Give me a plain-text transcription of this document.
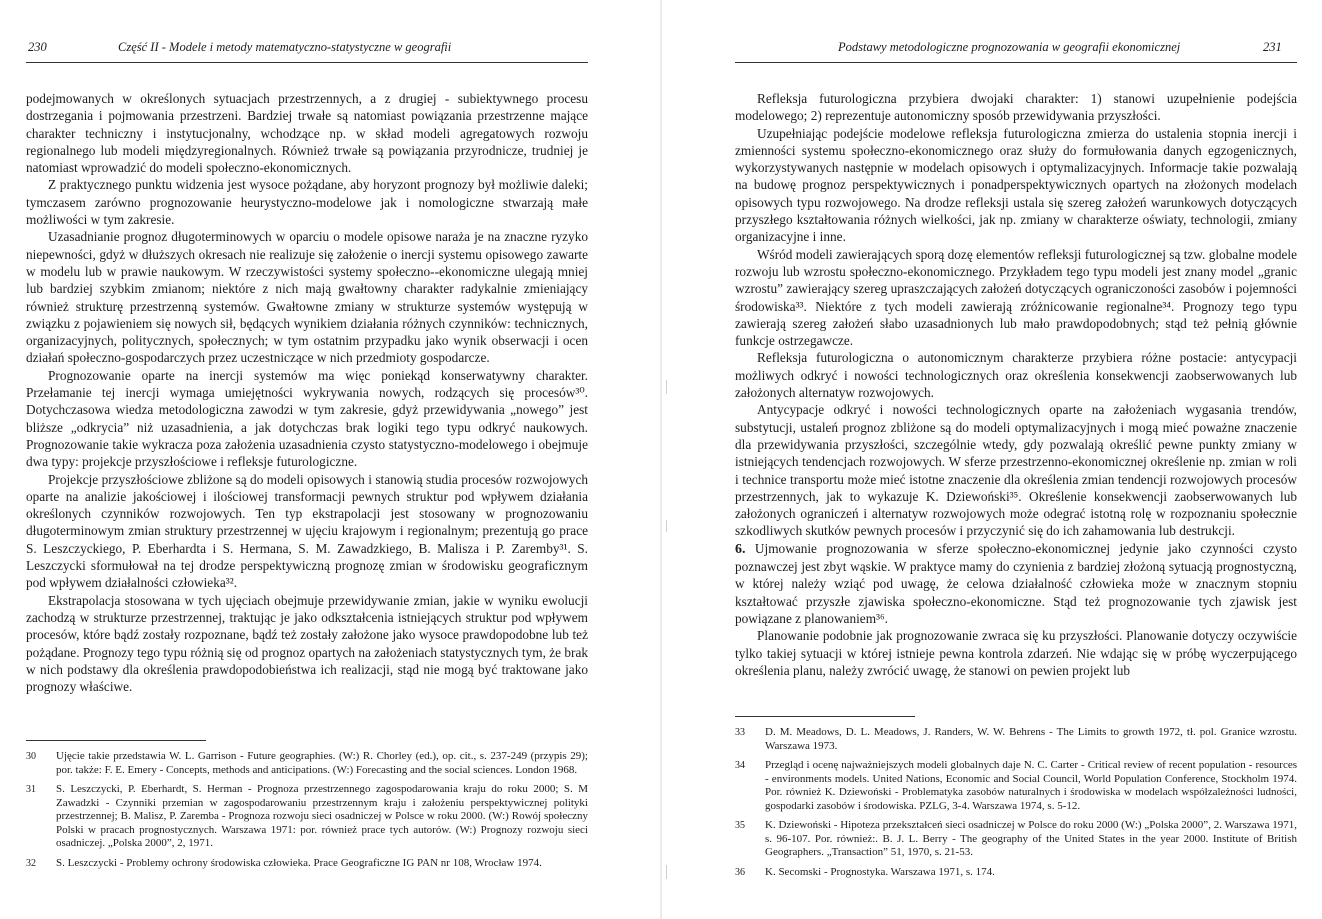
230	Część II - Modele i metody matematyczno-statystyczne w geografii

podejmowanych w określonych sytuacjach przestrzennych, a z drugiej - subiektywnego procesu dostrzegania i pojmowania przestrzeni. Bardziej trwałe są natomiast powiązania przestrzenne mające charakter techniczny i instytucjonalny, wchodzące np. w skład modeli agregatowych rozwoju regionalnego lub modeli międzyregionalnych. Również trwałe są powiązania przyrodnicze, trudniej je natomiast wprowadzić do modeli społeczno-ekonomicznych.

Z praktycznego punktu widzenia jest wysoce pożądane, aby horyzont prognozy był możliwie daleki; tymczasem zarówno prognozowanie heurystyczno-modelowe jak i nomologiczne stwarzają małe możliwości w tym zakresie.

Uzasadnianie prognoz długoterminowych w oparciu o modele opisowe naraża je na znaczne ryzyko niepewności, gdyż w dłuższych okresach nie realizuje się założenie o inercji systemu opisowego zawarte w modelu lub w prawie naukowym. W rzeczywistości systemy społeczno--ekonomiczne ulegają mniej lub bardziej szybkim zmianom; niektóre z nich mają gwałtowny charakter radykalnie zmieniający również strukturę przestrzenną systemów. Gwałtowne zmiany w strukturze systemów występują w związku z pojawieniem się nowych sił, będących wynikiem działania różnych czynników: technicznych, organizacyjnych, politycznych, społecznych; w tym ostatnim przypadku jako wynik obserwacji i ocen działań społeczno-gospodarczych przez uczestniczące w nich przedmioty gospodarcze.

Prognozowanie oparte na inercji systemów ma więc poniekąd konserwatywny charakter. Przełamanie tej inercji wymaga umiejętności wykrywania nowych, rodzących się procesów³⁰. Dotychczasowa wiedza metodologiczna zawodzi w tym zakresie, gdyż przewidywania „nowego” jest bliższe „odkrycia” niż uzasadnienia, a jak dotychczas brak logiki tego typu odkryć naukowych. Prognozowanie takie wykracza poza założenia uzasadnienia czysto statystyczno-modelowego i obejmuje dwa typy: projekcje przyszłościowe i refleksje futurologiczne.

Projekcje przyszłościowe zbliżone są do modeli opisowych i stanowią studia procesów rozwojowych oparte na analizie jakościowej i ilościowej transformacji pewnych struktur pod wpływem działania określonych czynników rozwojowych. Ten typ ekstrapolacji jest stosowany w prognozowaniu długoterminowym zmian struktury przestrzennej w ujęciu krajowym i regionalnym; prezentują go prace S. Leszczyckiego, P. Eberhardta i S. Hermana, S. M. Zawadzkiego, B. Malisza i P. Zaremby³¹. S. Leszczycki sformułował na tej drodze perspektywiczną prognozę zmian w środowisku geograficznym pod wpływem działalności człowieka³².

Ekstrapolacja stosowana w tych ujęciach obejmuje przewidywanie zmian, jakie w wyniku ewolucji zachodzą w strukturze przestrzennej, traktując je jako odkształcenia istniejących struktur pod wpływem procesów, które bądź zostały rozpoznane, bądź też zostały założone jako wysoce prawdopodobne lub też pożądane. Prognozy tego typu różnią się od prognoz opartych na założeniach statystycznych tym, że brak w nich podstawy dla określenia prawdopodobieństwa ich realizacji, stąd nie mogą być traktowane jako prognozy właściwe.

30	Ujęcie takie przedstawia W. L. Garrison - Future geographies. (W:) R. Chorley (ed.), op. cit., s. 237-249 (przypis 29); por. także: F. E. Emery - Concepts, methods and anticipations. (W:) Forecasting and the social sciences. London 1968.
31	S. Leszczycki, P. Eberhardt, S. Herman - Prognoza przestrzennego zagospodarowania kraju do roku 2000; S. M Zawadzki - Czynniki przemian w zagospodarowaniu przestrzennym kraju i założeniu perspektywicznej polityki przestrzennej; B. Malisz, P. Zaremba - Prognoza rozwoju sieci osadniczej w Polsce w roku 2000. (W:) Rowój społeczny Polski w pracach prognostycznych. Warszawa 1971: por. również prace tych autorów. (W:) Prognozy rozwoju sieci osadniczej. „Polska 2000”, 2, 1971.
32	S. Leszczycki - Problemy ochrony środowiska człowieka. Prace Geograficzne IG PAN nr 108, Wrocław 1974.
Podstawy metodologiczne prognozowania w geografii ekonomicznej	231

Refleksja futurologiczna przybiera dwojaki charakter: 1) stanowi uzupełnienie podejścia modelowego; 2) reprezentuje autonomiczny sposób przewidywania przyszłości.

Uzupełniając podejście modelowe refleksja futurologiczna zmierza do ustalenia stopnia inercji i zmienności systemu społeczno-ekonomicznego oraz służy do formułowania danych egzogenicznych, wykorzystywanych następnie w modelach opisowych i optymalizacyjnych. Informacje takie pozwalają na budowę prognoz perspektywicznych i ponadperspektywicznych opartych na złożonych modelach opisowych typu rozwojowego. Na drodze refleksji ustala się szereg założeń warunkowych dotyczących przyszłego kształtowania różnych wielkości, jak np. zmiany w charakterze oświaty, technologii, zmiany organizacyjne i inne.

Wśród modeli zawierających sporą dozę elementów refleksji futurologicznej są tzw. globalne modele rozwoju lub wzrostu społeczno-ekonomicznego. Przykładem tego typu modeli jest znany model „granic wzrostu” zawierający szereg upraszczających założeń dotyczących ograniczoności zasobów i pojemności środowiska³³. Niektóre z tych modeli zawierają zróżnicowanie regionalne³⁴. Prognozy tego typu zawierają szereg założeń słabo uzasadnionych lub mało prawdopodobnych; stąd też pełnią głównie funkcje ostrzegawcze.

Refleksja futurologiczna o autonomicznym charakterze przybiera różne postacie: antycypacji możliwych odkryć i nowości technologicznych oraz określenia konsekwencji zaobserwowanych lub założonych alternatyw rozwojowych.

Antycypacje odkryć i nowości technologicznych oparte na założeniach wygasania trendów, substytucji, ustaleń prognoz zbliżone są do modeli optymalizacyjnych i mogą mieć poważne znaczenie dla przewidywania przyszłości, szczególnie wtedy, gdy pozwalają określić pewne punkty zmiany w istniejących tendencjach rozwojowych. W sferze przestrzenno-ekonomicznej określenie np. zmian w roli i technice transportu może mieć istotne znaczenie dla określenia zmian tendencji rozwojowych procesów przestrzennych, jak to wykazuje K. Dziewoński³⁵. Określenie konsekwencji zaobserwowanych lub założonych ograniczeń i alternatyw rozwojowych może odegrać istotną rolę w rozpoznaniu społecznie szkodliwych skutków pewnych procesów i przyczynić się do ich zahamowania lub destrukcji.

6. Ujmowanie prognozowania w sferze społeczno-ekonomicznej jedynie jako czynności czysto poznawczej jest zbyt wąskie. W praktyce mamy do czynienia z bardziej złożoną sytuacją prognostyczną, w której należy wziąć pod uwagę, że celowa działalność człowieka może w znacznym stopniu kształtować przyszłe zjawiska społeczno-ekonomiczne. Stąd też prognozowanie tych zjawisk jest powiązane z planowaniem³⁶.

Planowanie podobnie jak prognozowanie zwraca się ku przyszłości. Planowanie dotyczy oczywiście tylko takiej sytuacji w której istnieje pewna kontrola zdarzeń. Nie wdając się w próbę wyczerpującego określenia planu, należy zwrócić uwagę, że stanowi on pewien projekt lub

33	D. M. Meadows, D. L. Meadows, J. Randers, W. W. Behrens - The Limits to growth 1972, tł. pol. Granice wzrostu. Warszawa 1973.
34	Przegląd i ocenę najważniejszych modeli globalnych daje N. C. Carter - Critical review of recent population - resources - environments models. United Nations, Economic and Social Council, World Population Conference, Stockholm 1974. Por. również K. Dziewoński - Problematyka zasobów naturalnych i środowiska w modelach współzależności ludności, gospodarki zasobów i środowiska. PZLG, 3-4. Warszawa 1974, s. 5-12.
35	K. Dziewoński - Hipoteza przekształceń sieci osadniczej w Polsce do roku 2000 (W:) „Polska 2000”, 2. Warszawa 1971, s. 96-107. Por. również:. B. J. L. Berry - The geography of the United States in the year 2000. Institute of British Geographers. „Transaction” 51, 1970, s. 21-53.
36	K. Secomski - Prognostyka. Warszawa 1971, s. 174.
